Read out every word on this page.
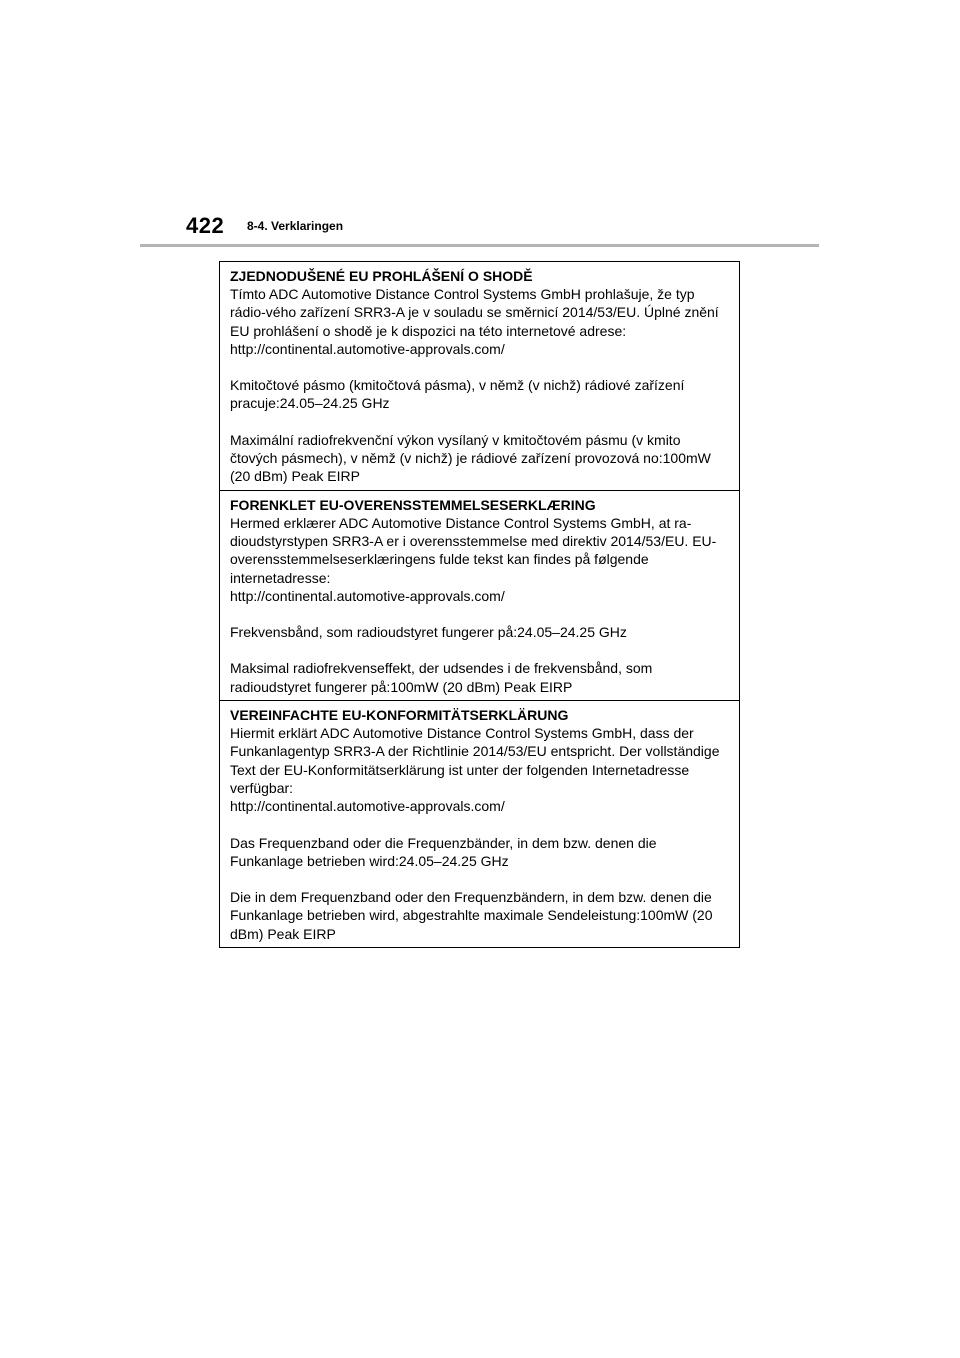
422 8-4. Verklaringen
ZJEDNODUŠENÉ EU PROHLÁŠENÍ O SHODĚ

Tímto ADC Automotive Distance Control Systems GmbH prohlašuje, že typ rádio-vého zařízení SRR3-A je v souladu se směrnicí 2014/53/EU. Úplné znění EU prohlášení o shodě je k dispozici na této internetové adrese:

http://continental.automotive-approvals.com/

Kmitočtové pásmo (kmitočtová pásma), v němž (v nichž) rádiové zařízení pracuje:24.05–24.25 GHz

Maximální radiofrekvenční výkon vysílaný v kmitočtovém pásmu (v kmito čtových pásmech), v němž (v nichž) je rádiové zařízení provozová no:100mW (20 dBm) Peak EIRP

FORENKLET EU-OVERENSSTEMMELSESERKLÆRING

Hermed erklærer ADC Automotive Distance Control Systems GmbH, at ra-dioudstyrstypen SRR3-A er i overensstemmelse med direktiv 2014/53/EU. EU-overensstemmelseserklæringens fulde tekst kan findes på følgende internetadresse:

http://continental.automotive-approvals.com/

Frekvensbånd, som radioudstyret fungerer på:24.05–24.25 GHz

Maksimal radiofrekvenseffekt, der udsendes i de frekvensbånd, som radioudstyret fungerer på:100mW (20 dBm) Peak EIRP

VEREINFACHTE EU-KONFORMITÄTSERKLÄRUNG

Hiermit erklärt ADC Automotive Distance Control Systems GmbH, dass der Funkanlagentyp SRR3-A der Richtlinie 2014/53/EU entspricht. Der vollständige Text der EU-Konformitätserklärung ist unter der folgenden Internetadresse verfügbar:

http://continental.automotive-approvals.com/

Das Frequenzband oder die Frequenzbänder, in dem bzw. denen die Funkanlage betrieben wird:24.05–24.25 GHz

Die in dem Frequenzband oder den Frequenzbändern, in dem bzw. denen die Funkanlage betrieben wird, abgestrahlte maximale Sendeleistung:100mW (20 dBm) Peak EIRP
